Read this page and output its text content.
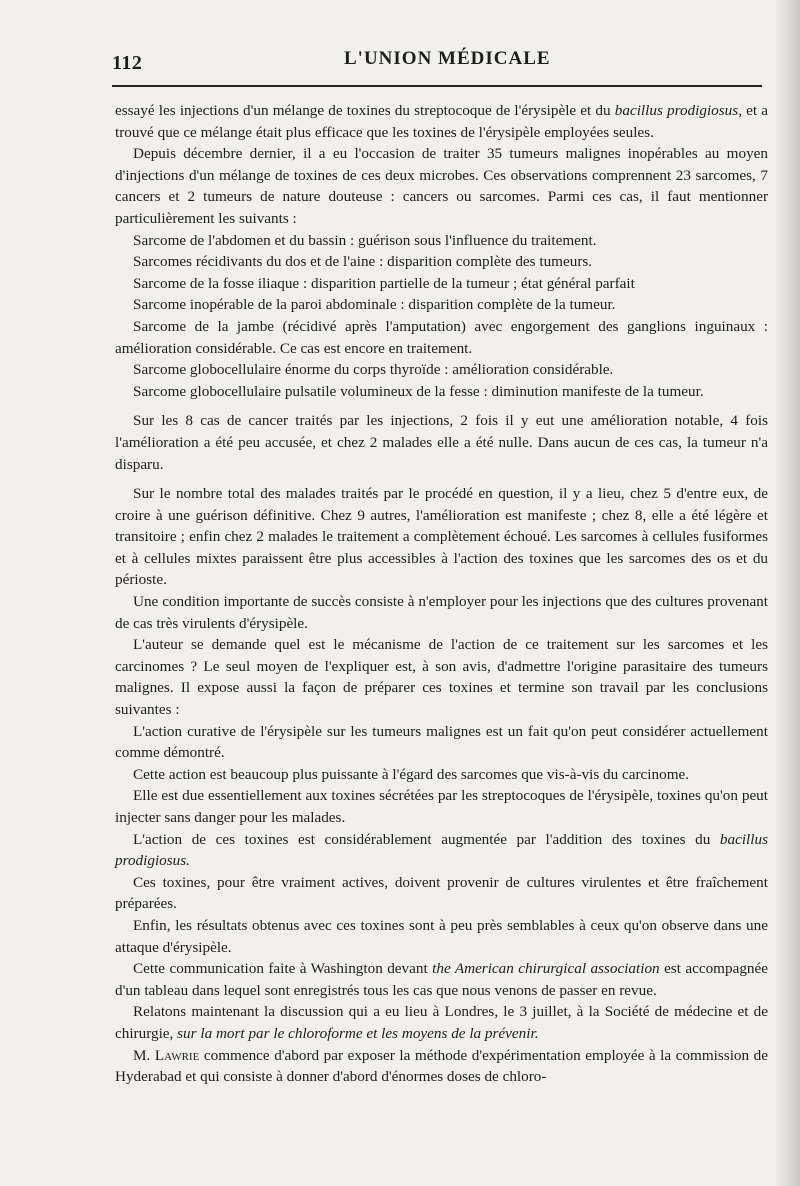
112	L'UNION MÉDICALE

essayé les injections d'un mélange de toxines du streptocoque de l'érysipèle et du bacillus prodigiosus, et a trouvé que ce mélange était plus efficace que les toxines de l'érysipèle employées seules.

Depuis décembre dernier, il a eu l'occasion de traiter 35 tumeurs malignes inopérables au moyen d'injections d'un mélange de toxines de ces deux microbes. Ces observations comprennent 23 sarcomes, 7 cancers et 2 tumeurs de nature douteuse : cancers ou sarcomes. Parmi ces cas, il faut mentionner particulièrement les suivants :

Sarcome de l'abdomen et du bassin : guérison sous l'influence du traitement.

Sarcomes récidivants du dos et de l'aine : disparition complète des tumeurs.

Sarcome de la fosse iliaque : disparition partielle de la tumeur ; état général parfait

Sarcome inopérable de la paroi abdominale : disparition complète de la tumeur.

Sarcome de la jambe (récidivé après l'amputation) avec engorgement des ganglions inguinaux : amélioration considérable. Ce cas est encore en traitement.

Sarcome globocellulaire énorme du corps thyroïde : amélioration considérable.

Sarcome globocellulaire pulsatile volumineux de la fesse : diminution manifeste de la tumeur.

Sur les 8 cas de cancer traités par les injections, 2 fois il y eut une amélioration notable, 4 fois l'amélioration a été peu accusée, et chez 2 malades elle a été nulle. Dans aucun de ces cas, la tumeur n'a disparu.

Sur le nombre total des malades traités par le procédé en question, il y a lieu, chez 5 d'entre eux, de croire à une guérison définitive. Chez 9 autres, l'amélioration est manifeste ; chez 8, elle a été légère et transitoire ; enfin chez 2 malades le traitement a complètement échoué. Les sarcomes à cellules fusiformes et à cellules mixtes paraissent être plus accessibles à l'action des toxines que les sarcomes des os et du périoste.

Une condition importante de succès consiste à n'employer pour les injections que des cultures provenant de cas très virulents d'érysipèle.

L'auteur se demande quel est le mécanisme de l'action de ce traitement sur les sarcomes et les carcinomes ? Le seul moyen de l'expliquer est, à son avis, d'admettre l'origine parasitaire des tumeurs malignes. Il expose aussi la façon de préparer ces toxines et termine son travail par les conclusions suivantes :

L'action curative de l'érysipèle sur les tumeurs malignes est un fait qu'on peut considérer actuellement comme démontré.

Cette action est beaucoup plus puissante à l'égard des sarcomes que vis-à-vis du carcinome.

Elle est due essentiellement aux toxines sécrétées par les streptocoques de l'érysipèle, toxines qu'on peut injecter sans danger pour les malades.

L'action de ces toxines est considérablement augmentée par l'addition des toxines du bacillus prodigiosus.

Ces toxines, pour être vraiment actives, doivent provenir de cultures virulentes et être fraîchement préparées.

Enfin, les résultats obtenus avec ces toxines sont à peu près semblables à ceux qu'on observe dans une attaque d'érysipèle.

Cette communication faite à Washington devant the American chirurgical association est accompagnée d'un tableau dans lequel sont enregistrés tous les cas que nous venons de passer en revue.

Relatons maintenant la discussion qui a eu lieu à Londres, le 3 juillet, à la Société de médecine et de chirurgie, sur la mort par le chloroforme et les moyens de la prévenir.

M. Lawrie commence d'abord par exposer la méthode d'expérimentation employée à la commission de Hyderabad et qui consiste à donner d'abord d'énormes doses de chloro-
